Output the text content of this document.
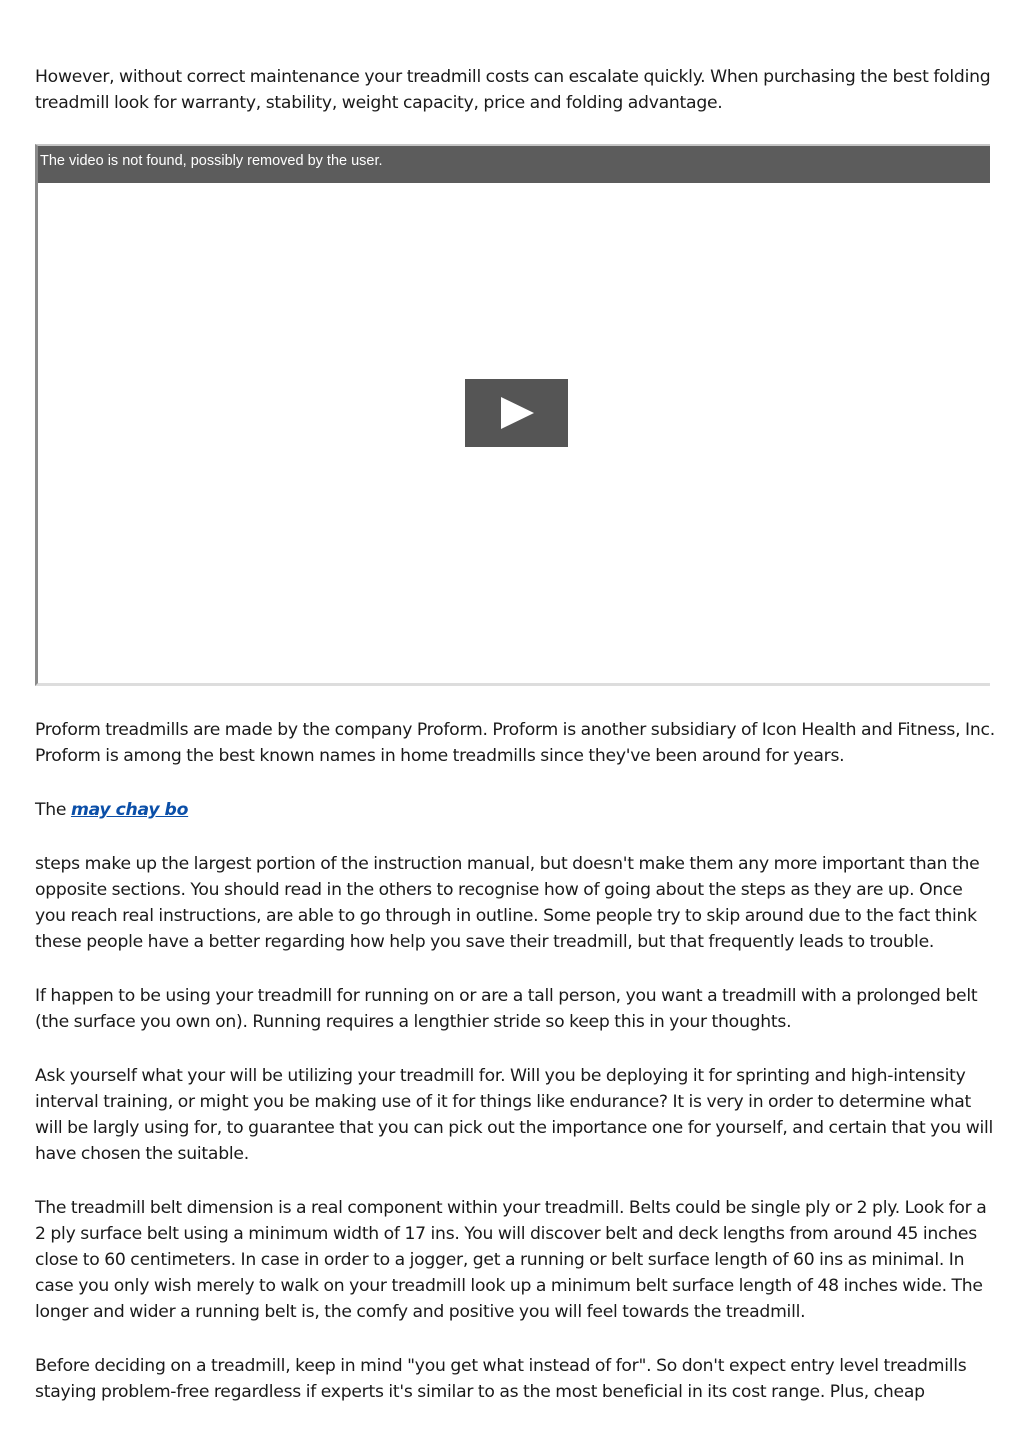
However, without correct maintenance your treadmill costs can escalate quickly. When purchasing the best folding treadmill look for warranty, stability, weight capacity, price and folding advantage.

The video is not found, possibly removed by the user.

Proform treadmills are made by the company Proform. Proform is another subsidiary of Icon Health and Fitness, Inc. Proform is among the best known names in home treadmills since they've been around for years.

The may chay bo

steps make up the largest portion of the instruction manual, but doesn't make them any more important than the opposite sections. You should read in the others to recognise how of going about the steps as they are up. Once you reach real instructions, are able to go through in outline. Some people try to skip around due to the fact think these people have a better regarding how help you save their treadmill, but that frequently leads to trouble.

If happen to be using your treadmill for running on or are a tall person, you want a treadmill with a prolonged belt (the surface you own on). Running requires a lengthier stride so keep this in your thoughts.

Ask yourself what your will be utilizing your treadmill for. Will you be deploying it for sprinting and high-intensity interval training, or might you be making use of it for things like endurance? It is very in order to determine what will be largly using for, to guarantee that you can pick out the importance one for yourself, and certain that you will have chosen the suitable.

The treadmill belt dimension is a real component within your treadmill. Belts could be single ply or 2 ply. Look for a 2 ply surface belt using a minimum width of 17 ins. You will discover belt and deck lengths from around 45 inches close to 60 centimeters. In case in order to a jogger, get a running or belt surface length of 60 ins as minimal. In case you only wish merely to walk on your treadmill look up a minimum belt surface length of 48 inches wide. The longer and wider a running belt is, the comfy and positive you will feel towards the treadmill.

Before deciding on a treadmill, keep in mind "you get what instead of for". So don't expect entry level treadmills staying problem-free regardless if experts it's similar to as the most beneficial in its cost range. Plus, cheap
